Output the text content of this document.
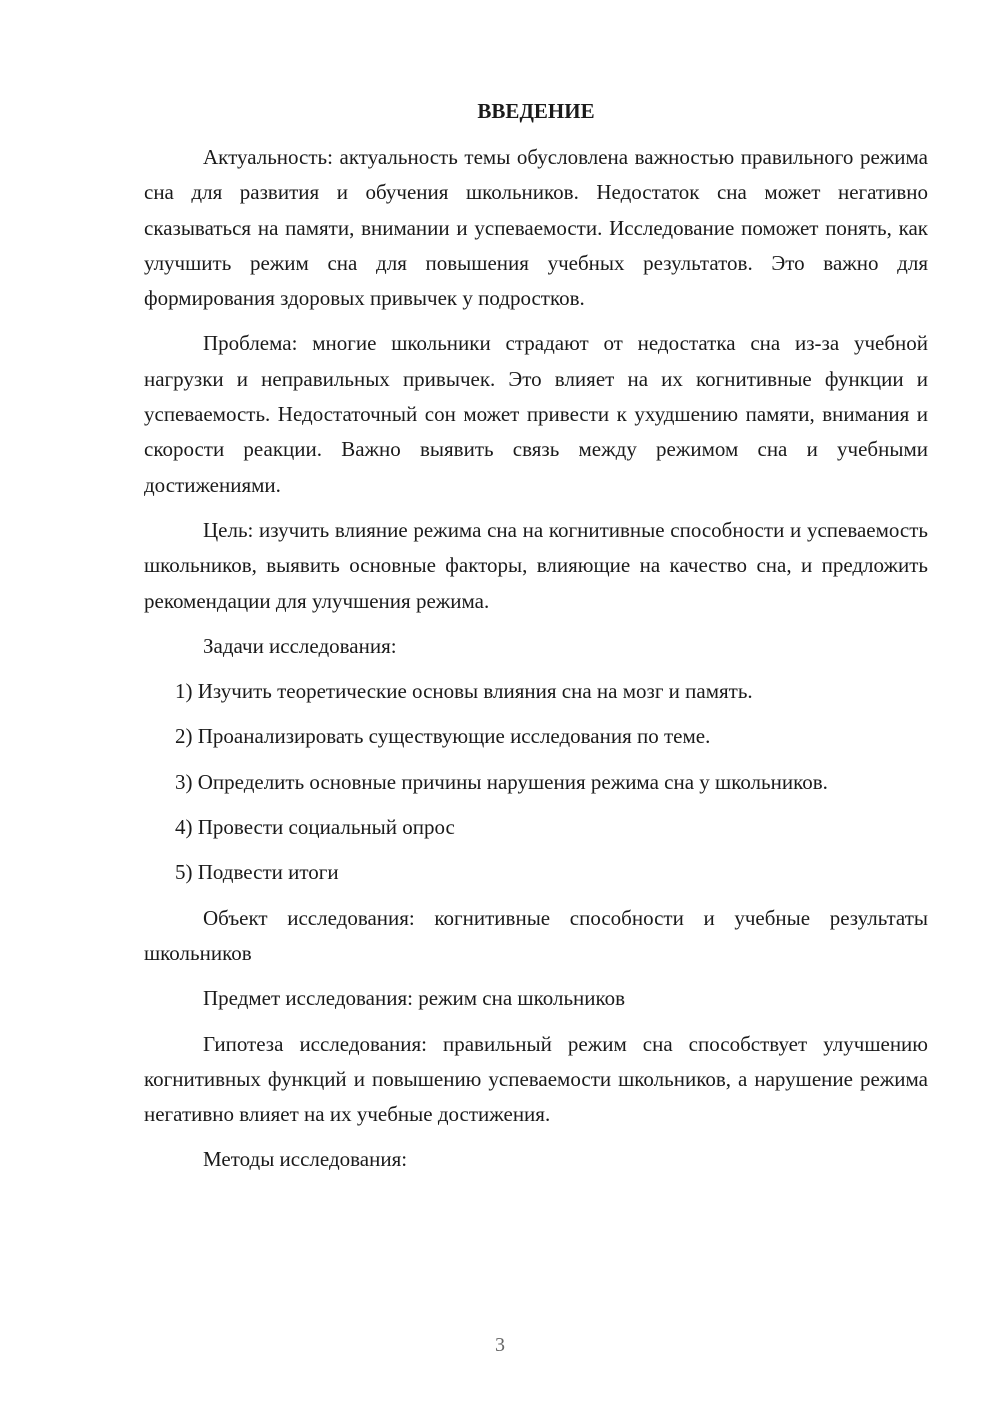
ВВЕДЕНИЕ

Актуальность: актуальность темы обусловлена важностью правильного режима сна для развития и обучения школьников. Недостаток сна может негативно сказываться на памяти, внимании и успеваемости. Исследование поможет понять, как улучшить режим сна для повышения учебных результатов. Это важно для формирования здоровых привычек у подростков.

Проблема: многие школьники страдают от недостатка сна из-за учебной нагрузки и неправильных привычек. Это влияет на их когнитивные функции и успеваемость. Недостаточный сон может привести к ухудшению памяти, внимания и скорости реакции. Важно выявить связь между режимом сна и учебными достижениями.

Цель: изучить влияние режима сна на когнитивные способности и успеваемость школьников, выявить основные факторы, влияющие на качество сна, и предложить рекомендации для улучшения режима.

Задачи исследования:

1) Изучить теоретические основы влияния сна на мозг и память.

2) Проанализировать существующие исследования по теме.

3) Определить основные причины нарушения режима сна у школьников.

4) Провести социальный опрос

5) Подвести итоги

Объект исследования: когнитивные способности и учебные результаты школьников

Предмет исследования: режим сна школьников

Гипотеза исследования: правильный режим сна способствует улучшению когнитивных функций и повышению успеваемости школьников, а нарушение режима негативно влияет на их учебные достижения.

Методы исследования:

3
